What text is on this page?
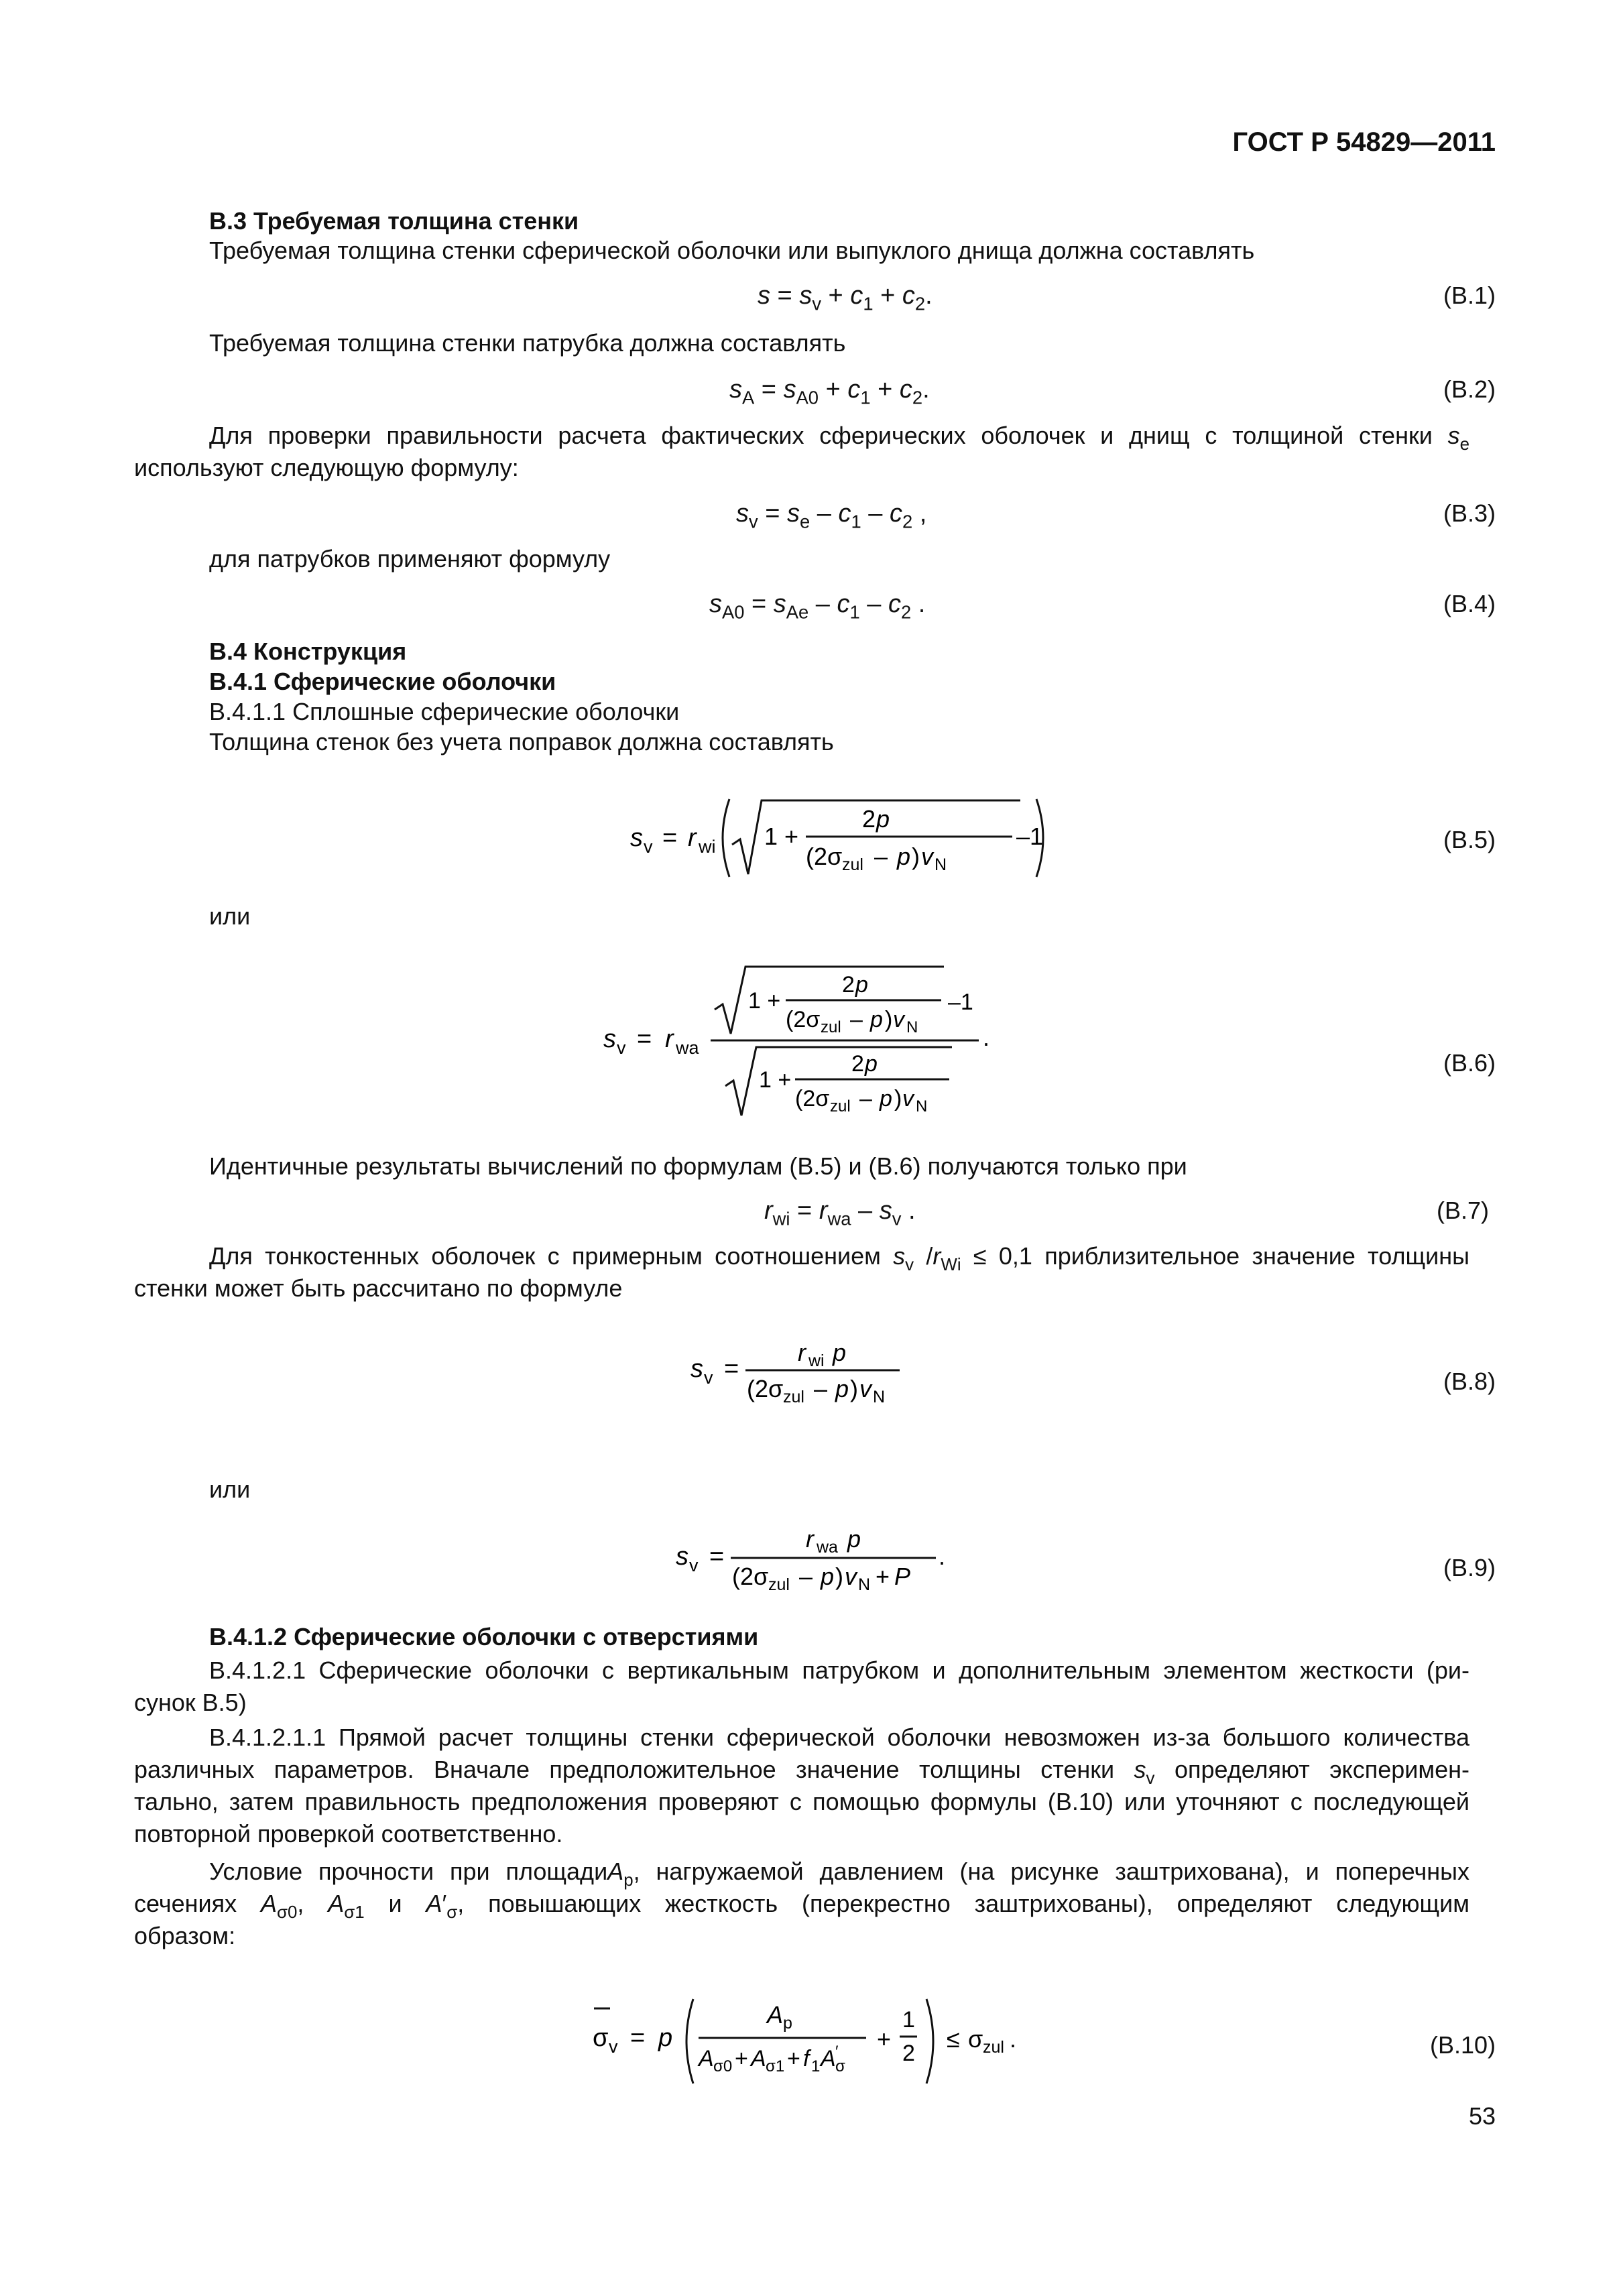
ГОСТ Р 54829—2011
В.3 Требуемая толщина стенки
Требуемая толщина стенки сферической оболочки или выпуклого днища должна составлять
$s = s_v + c_1 + c_2$.	(В.1)
Требуемая толщина стенки патрубка должна составлять
$s_A = s_{A0} + c_1 + c_2$.	(В.2)
Для проверки правильности расчета фактических сферических оболочек и днищ с толщиной стенки $s_e$
используют следующую формулу:
$s_v = s_e - c_1 - c_2$ ,	(В.3)
для патрубков применяют формулу
$s_{A0} = s_{Ae} - c_1 - c_2$ .	(В.4)
В.4 Конструкция
В.4.1 Сферические оболочки
В.4.1.1 Сплошные сферические оболочки
Толщина стенок без учета поправок должна составлять
s v = r wi 1 +
2 p
(2σ zul – p ) v N
–1	(В.5)
или
s v = r wa
1 +
2 p
(2σ zul – p ) v N
–1
.
1 +
2 p
(2σ zul – p ) v N
(В.6)
Идентичные результаты вычислений по формулам (В.5) и (В.6) получаются только при
$r_{wi} = r_{wa} - s_v$ .	(В.7)
Для тонкостенных оболочек с примерным соотношением $s_v$ $/r_{Wi} \le 0,1$ приблизительное значение толщины
стенки может быть рассчитано по формуле
s v =
r wi p
(2σ zul – p ) v N
(В.8)
или
s v =
r wa p
(2σ zul – p ) v N + P
.	(В.9)
В.4.1.2 Сферические оболочки с отверстиями
В.4.1.2.1 Сферические оболочки с вертикальным патрубком и дополнительным элементом жесткости (ри-
сунок В.5)
В.4.1.2.1.1 Прямой расчет толщины стенки сферической оболочки невозможен из-за большого количества
различных параметров. Вначале предположительное значение толщины стенки $s_v$ определяют эксперимен-
тально, затем правильность предположения проверяют с помощью формулы (В.10) или уточняют с последующей
повторной проверкой соответственно.
Условие прочности при площадиA$_p$, нагружаемой давлением (на рисунке заштрихована), и поперечных
сечениях $A_{\sigma 0}$, $A_{\sigma 1}$ и $A'_\sigma$, повышающих жесткость (перекрестно заштрихованы), определяют следующим
образом:
σ v = p
A p
A σ0 + A σ1 + f 1 A ′
σ
+
1
2
≤ σ zul .	(В.10)
53
